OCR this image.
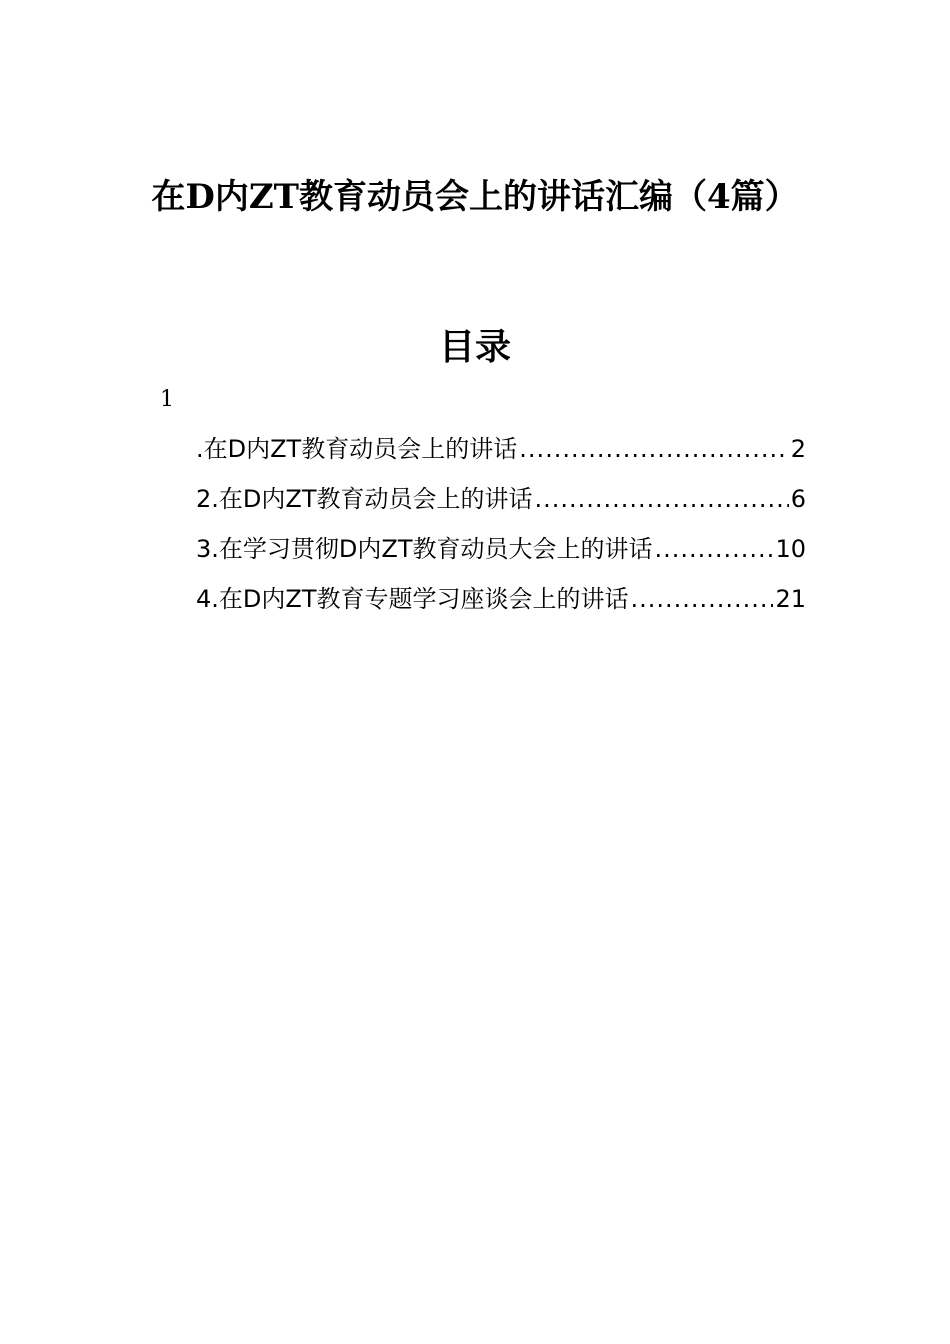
在D内ZT教育动员会上的讲话汇编（4篇）
目录
1
.在D内ZT教育动员会上的讲话 .....	2
2.在D内ZT教育动员会上的讲话 .....	6
3.在学习贯彻D内ZT教育动员大会上的讲话 .....	10
4.在D内ZT教育专题学习座谈会上的讲话 .....	21
